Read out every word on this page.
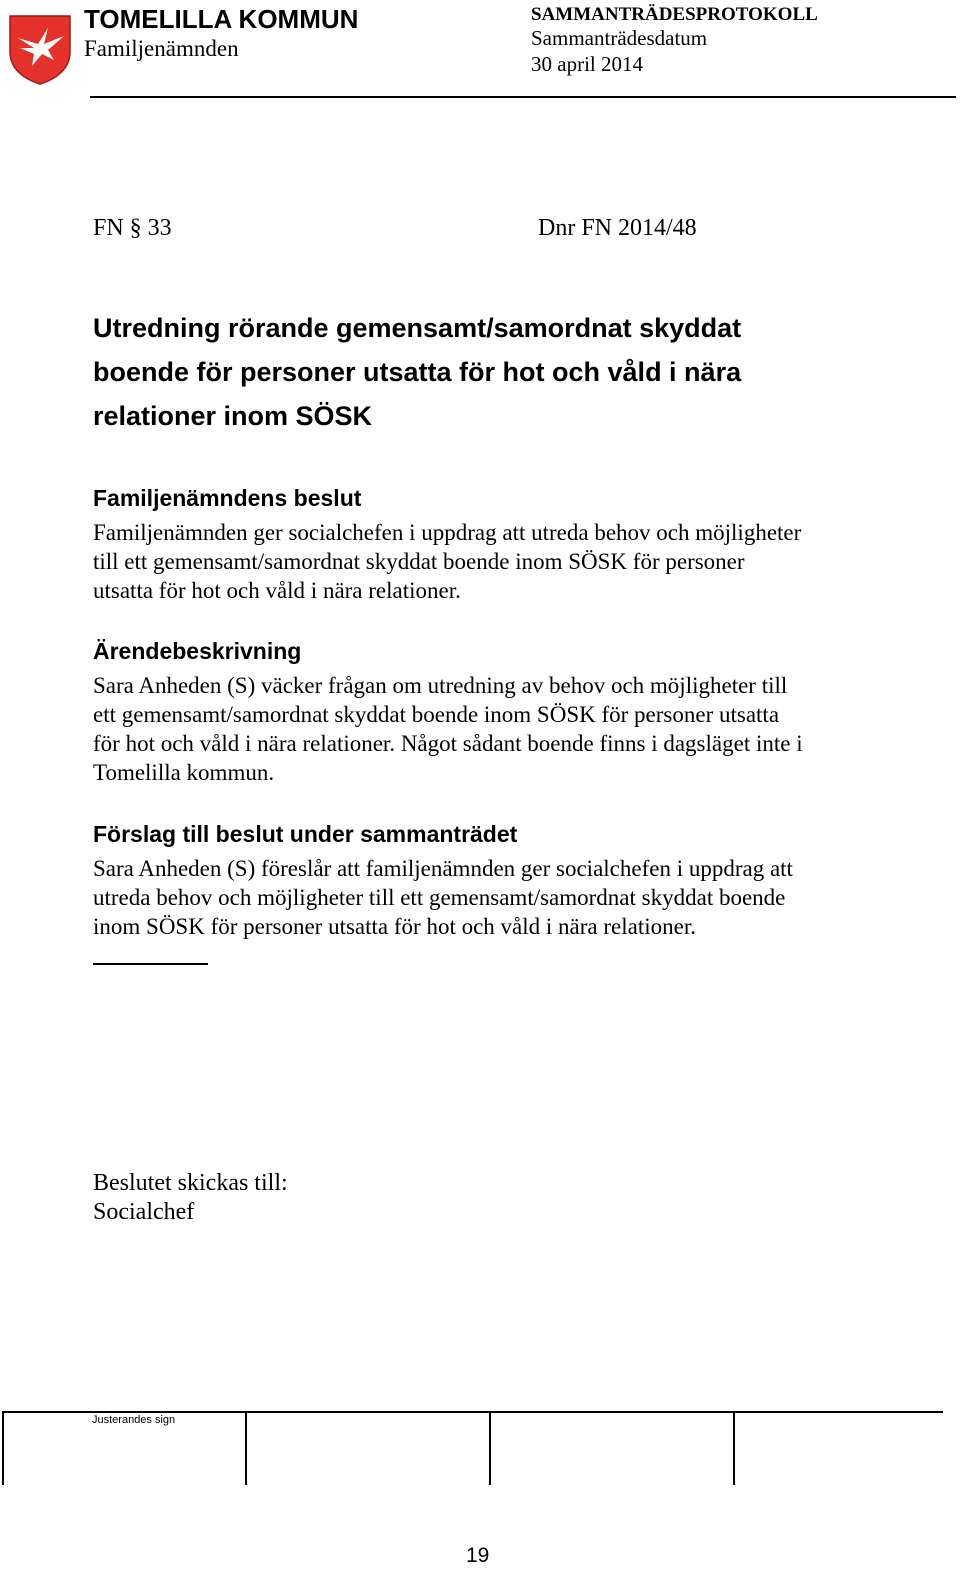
TOMELILLA KOMMUN
Familjenämnden
SAMMANTRÄDESPROTOKOLL
Sammanträdesdatum
30 april 2014
FN § 33	Dnr FN 2014/48
Utredning rörande gemensamt/samordnat skyddat
boende för personer utsatta för hot och våld i nära
relationer inom SÖSK
Familjenämndens beslut

Familjenämnden ger socialchefen i uppdrag att utreda behov och möjligheter
till ett gemensamt/samordnat skyddat boende inom SÖSK för personer
utsatta för hot och våld i nära relationer.

Ärendebeskrivning

Sara Anheden (S) väcker frågan om utredning av behov och möjligheter till
ett gemensamt/samordnat skyddat boende inom SÖSK för personer utsatta
för hot och våld i nära relationer. Något sådant boende finns i dagsläget inte i
Tomelilla kommun.

Förslag till beslut under sammanträdet

Sara Anheden (S) föreslår att familjenämnden ger socialchefen i uppdrag att
utreda behov och möjligheter till ett gemensamt/samordnat skyddat boende
inom SÖSK för personer utsatta för hot och våld i nära relationer.

Beslutet skickas till:
Socialchef
Justerandes sign
19
